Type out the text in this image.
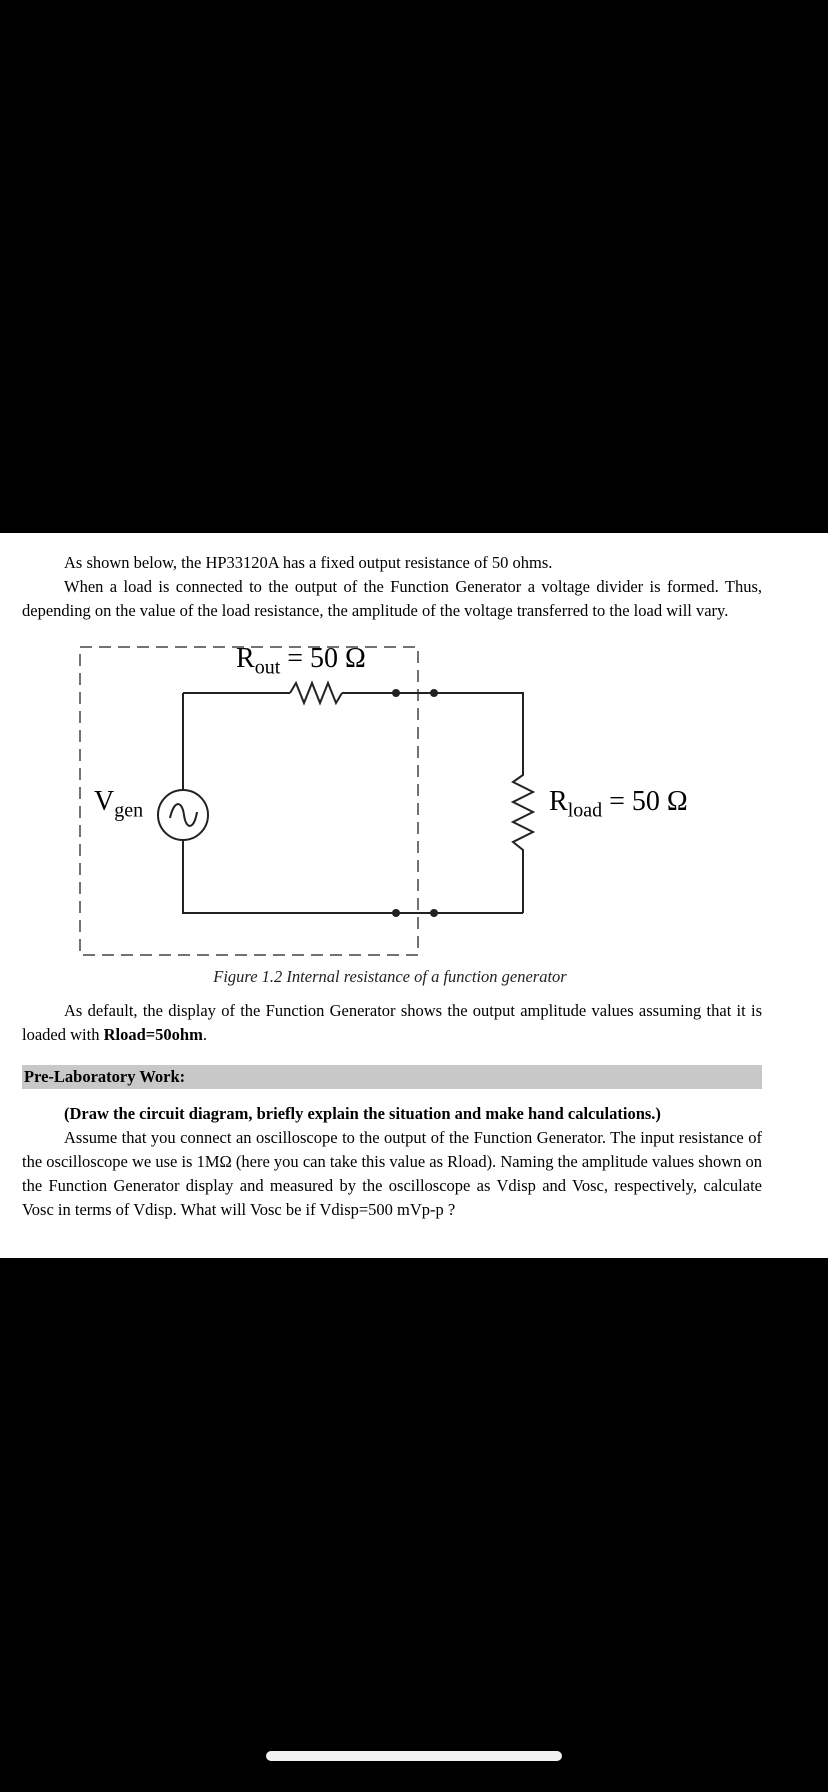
As shown below, the HP33120A has a fixed output resistance of 50 ohms.

When a load is connected to the output of the Function Generator a voltage divider is formed. Thus, depending on the value of the load resistance, the amplitude of the voltage transferred to the load will vary.

$R_{out} = 50$ Ω
$V_{gen}$	$R_{load} = 50$ Ω
Figure 1.2 Internal resistance of a function generator

As default, the display of the Function Generator shows the output amplitude values assuming that it is loaded with Rload=50ohm.

Pre-Laboratory Work:

(Draw the circuit diagram, briefly explain the situation and make hand calculations.)

Assume that you connect an oscilloscope to the output of the Function Generator. The input resistance of the oscilloscope we use is 1MΩ (here you can take this value as Rload). Naming the amplitude values shown on the Function Generator display and measured by the oscilloscope as Vdisp and Vosc, respectively, calculate Vosc in terms of Vdisp. What will Vosc be if Vdisp=500 mVp-p ?
